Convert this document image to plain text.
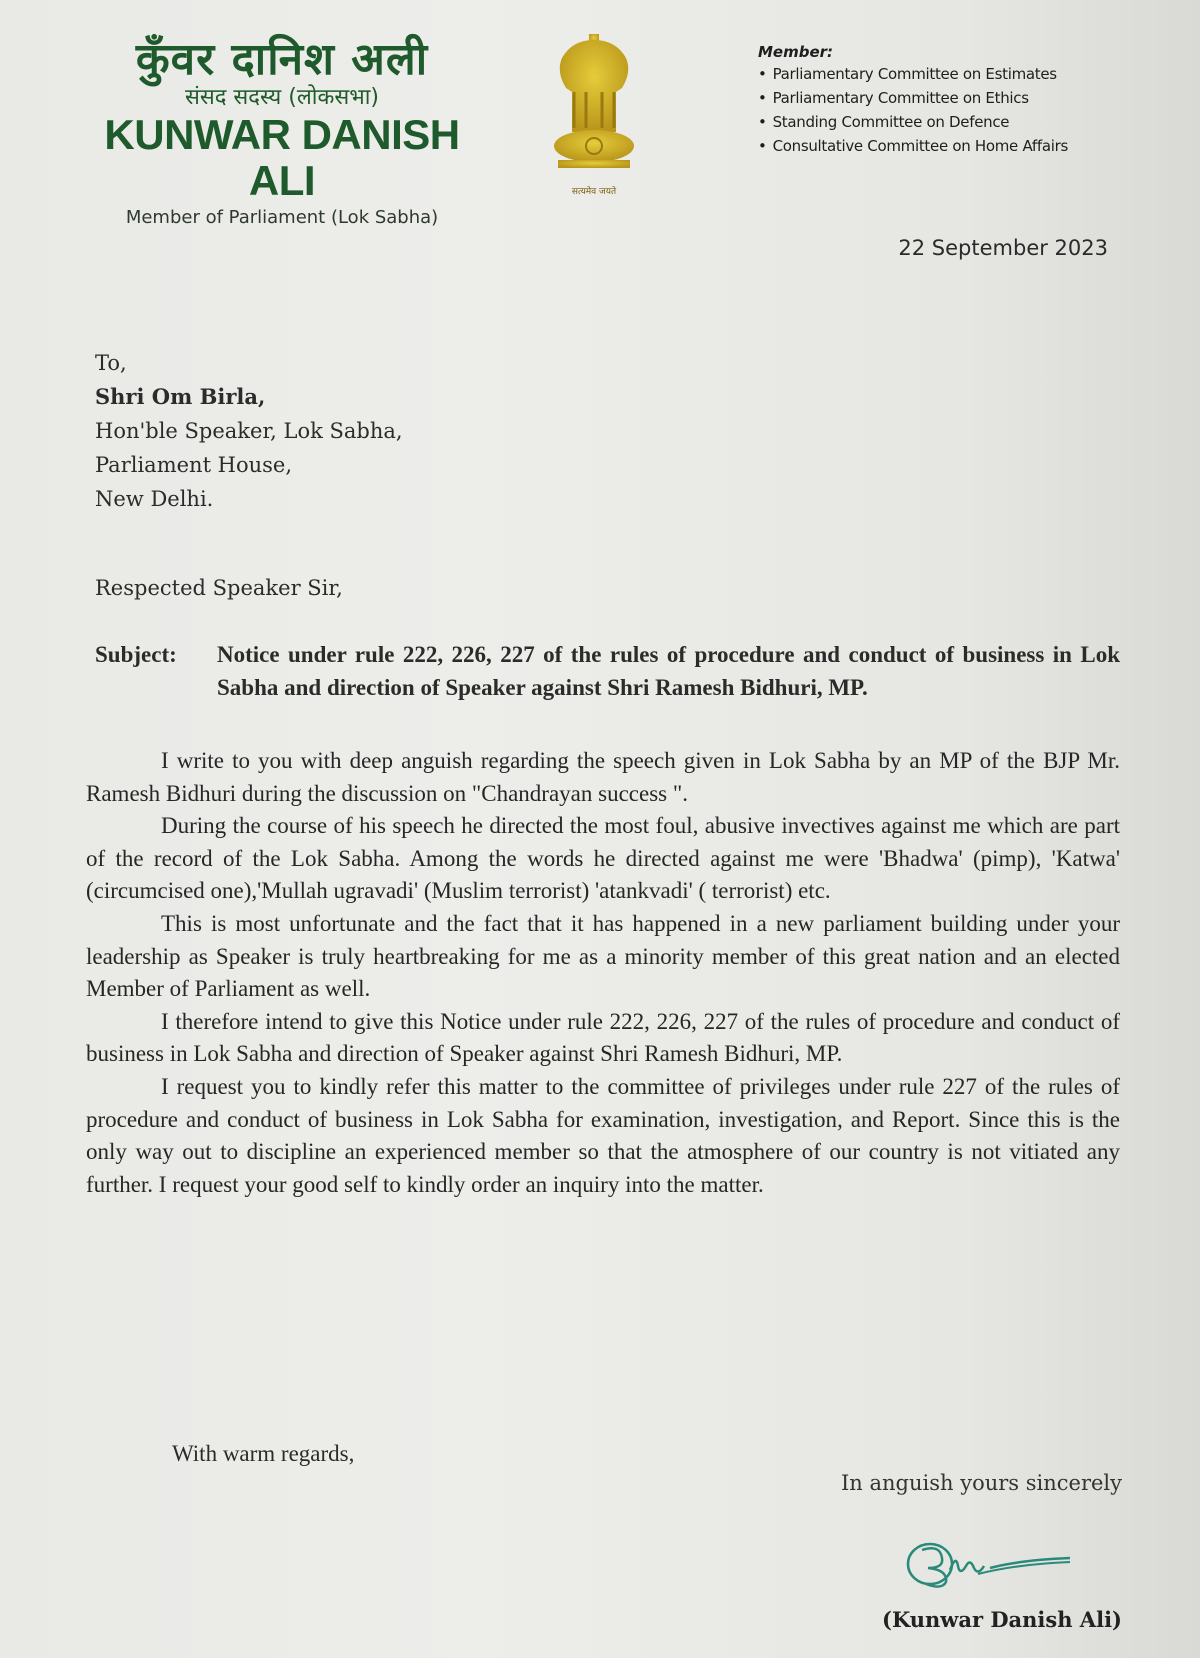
कुँवर दानिश अली
संसद सदस्य (लोकसभा)
KUNWAR DANISH ALI
Member of Parliament (Lok Sabha)
सत्यमेव जयते
Member:
• Parliamentary Committee on Estimates
• Parliamentary Committee on Ethics
• Standing Committee on Defence
• Consultative Committee on Home Affairs
22 September 2023
To,
Shri Om Birla,
Hon'ble Speaker, Lok Sabha,
Parliament House,
New Delhi.
Respected Speaker Sir,
Subject:	Notice under rule 222, 226, 227 of the rules of procedure and conduct of business in Lok Sabha and direction of Speaker against Shri Ramesh Bidhuri, MP.

I write to you with deep anguish regarding the speech given in Lok Sabha by an MP of the BJP Mr. Ramesh Bidhuri during the discussion on "Chandrayan success ".

During the course of his speech he directed the most foul, abusive invectives against me which are part of the record of the Lok Sabha. Among the words he directed against me were 'Bhadwa' (pimp), 'Katwa' (circumcised one),'Mullah ugravadi' (Muslim terrorist) 'atankvadi' ( terrorist) etc.

This is most unfortunate and the fact that it has happened in a new parliament building under your leadership as Speaker is truly heartbreaking for me as a minority member of this great nation and an elected Member of Parliament as well.

I therefore intend to give this Notice under rule 222, 226, 227 of the rules of procedure and conduct of business in Lok Sabha and direction of Speaker against Shri Ramesh Bidhuri, MP.

I request you to kindly refer this matter to the committee of privileges under rule 227 of the rules of procedure and conduct of business in Lok Sabha for examination, investigation, and Report. Since this is the only way out to discipline an experienced member so that the atmosphere of our country is not vitiated any further. I request your good self to kindly order an inquiry into the matter.

With warm regards,
In anguish yours sincerely
(Kunwar Danish Ali)
